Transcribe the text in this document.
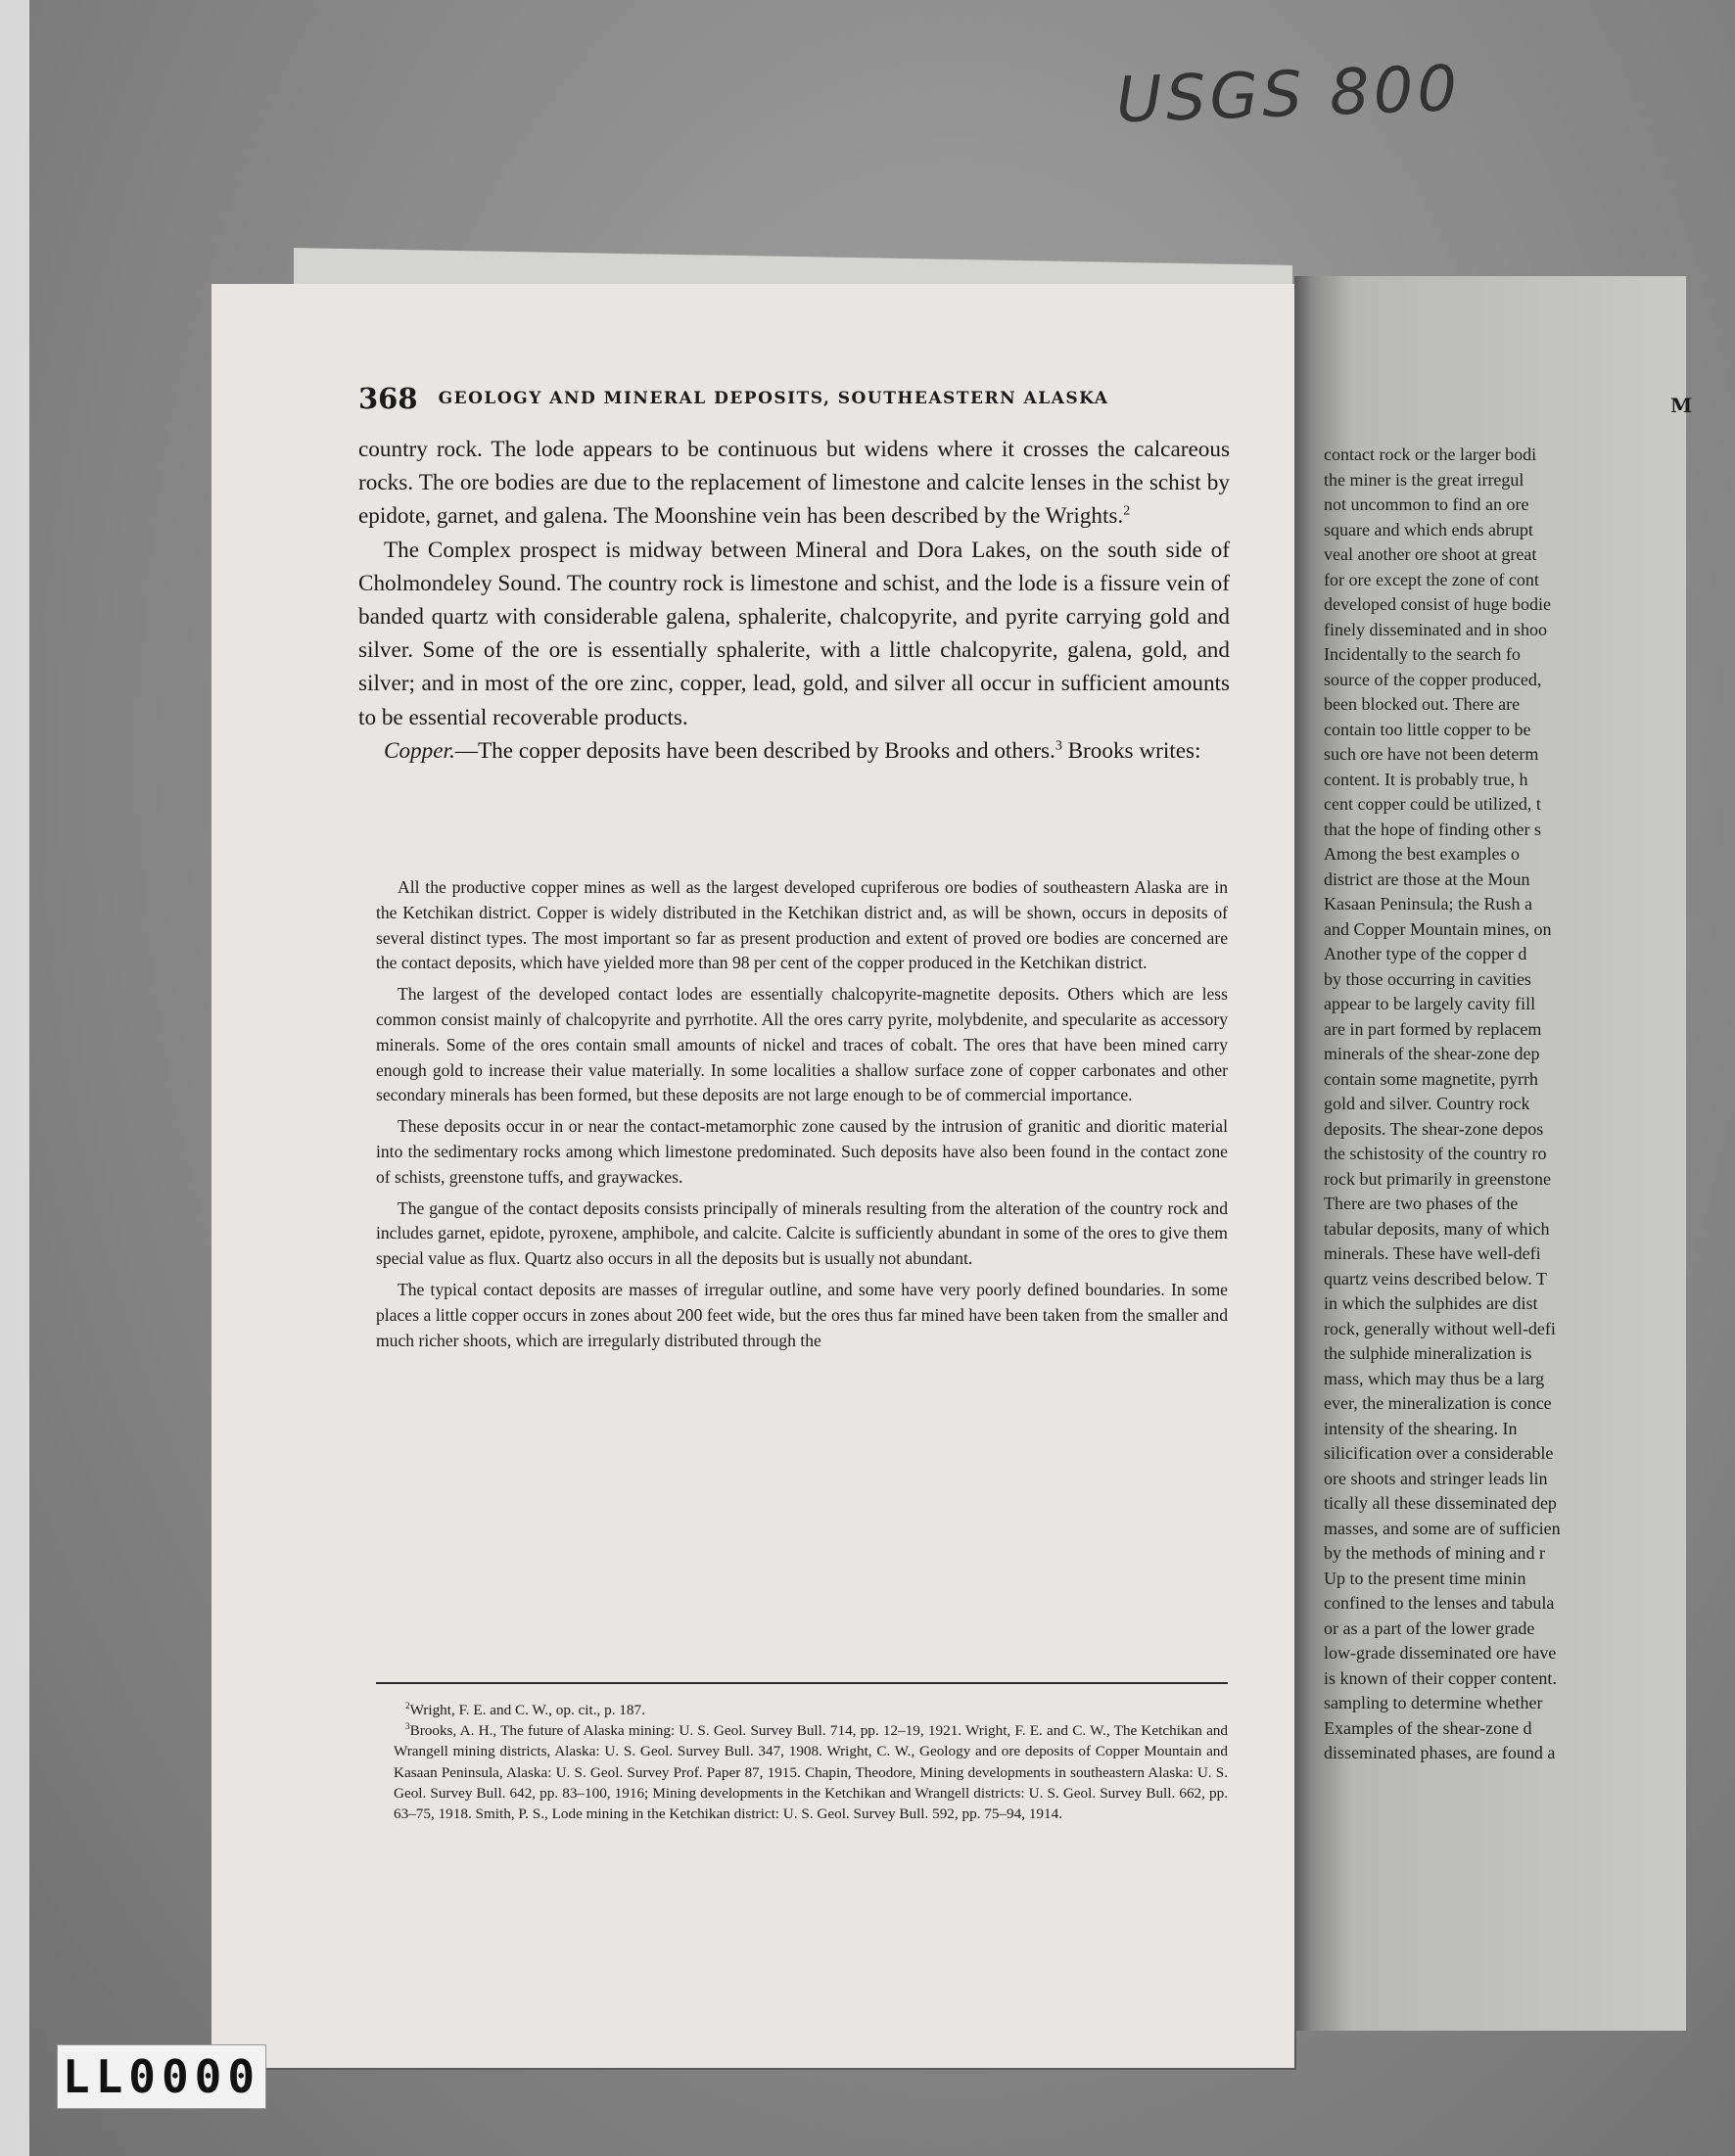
USGS 800
368 GEOLOGY AND MINERAL DEPOSITS, SOUTHEASTERN ALASKA

country rock. The lode appears to be continuous but widens where it crosses the calcareous rocks. The ore bodies are due to the replacement of limestone and calcite lenses in the schist by epidote, garnet, and galena. The Moonshine vein has been described by the Wrights.$^2$

The Complex prospect is midway between Mineral and Dora Lakes, on the south side of Cholmondeley Sound. The country rock is limestone and schist, and the lode is a fissure vein of banded quartz with considerable galena, sphalerite, chalcopyrite, and pyrite carrying gold and silver. Some of the ore is essentially sphalerite, with a little chalcopyrite, galena, gold, and silver; and in most of the ore zinc, copper, lead, gold, and silver all occur in sufficient amounts to be essential recoverable products.

Copper.—The copper deposits have been described by Brooks and others.$^3$ Brooks writes:

All the productive copper mines as well as the largest developed cupriferous ore bodies of southeastern Alaska are in the Ketchikan district. Copper is widely distributed in the Ketchikan district and, as will be shown, occurs in deposits of several distinct types. The most important so far as present production and extent of proved ore bodies are concerned are the contact deposits, which have yielded more than 98 per cent of the copper produced in the Ketchikan district.

The largest of the developed contact lodes are essentially chalcopyrite-magnetite deposits. Others which are less common consist mainly of chalcopyrite and pyrrhotite. All the ores carry pyrite, molybdenite, and specularite as accessory minerals. Some of the ores contain small amounts of nickel and traces of cobalt. The ores that have been mined carry enough gold to increase their value materially. In some localities a shallow surface zone of copper carbonates and other secondary minerals has been formed, but these deposits are not large enough to be of commercial importance.

These deposits occur in or near the contact-metamorphic zone caused by the intrusion of granitic and dioritic material into the sedimentary rocks among which limestone predominated. Such deposits have also been found in the contact zone of schists, greenstone tuffs, and graywackes.

The gangue of the contact deposits consists principally of minerals resulting from the alteration of the country rock and includes garnet, epidote, pyroxene, amphibole, and calcite. Calcite is sufficiently abundant in some of the ores to give them special value as flux. Quartz also occurs in all the deposits but is usually not abundant.

The typical contact deposits are masses of irregular outline, and some have very poorly defined boundaries. In some places a little copper occurs in zones about 200 feet wide, but the ores thus far mined have been taken from the smaller and much richer shoots, which are irregularly distributed through the

$^2$Wright, F. E. and C. W., op. cit., p. 187.

$^3$Brooks, A. H., The future of Alaska mining: U. S. Geol. Survey Bull. 714, pp. 12–19, 1921. Wright, F. E. and C. W., The Ketchikan and Wrangell mining districts, Alaska: U. S. Geol. Survey Bull. 347, 1908. Wright, C. W., Geology and ore deposits of Copper Mountain and Kasaan Peninsula, Alaska: U. S. Geol. Survey Prof. Paper 87, 1915. Chapin, Theodore, Mining developments in southeastern Alaska: U. S. Geol. Survey Bull. 642, pp. 83–100, 1916; Mining developments in the Ketchikan and Wrangell districts: U. S. Geol. Survey Bull. 662, pp. 63–75, 1918. Smith, P. S., Lode mining in the Ketchikan district: U. S. Geol. Survey Bull. 592, pp. 75–94, 1914.

M
contact rock or the larger bodi
the miner is the great irregul
not uncommon to find an ore
square and which ends abrupt
veal another ore shoot at great
for ore except the zone of cont
developed consist of huge bodie
finely disseminated and in shoo
Incidentally to the search fo
source of the copper produced,
been blocked out. There are
contain too little copper to be
such ore have not been determ
content. It is probably true, h
cent copper could be utilized, t
that the hope of finding other s
Among the best examples o
district are those at the Moun
Kasaan Peninsula; the Rush a
and Copper Mountain mines, on
Another type of the copper d
by those occurring in cavities
appear to be largely cavity fill
are in part formed by replacem
minerals of the shear-zone dep
contain some magnetite, pyrrh
gold and silver. Country rock
deposits. The shear-zone depos
the schistosity of the country ro
rock but primarily in greenstone
There are two phases of the
tabular deposits, many of which
minerals. These have well-defi
quartz veins described below. T
in which the sulphides are dist
rock, generally without well-defi
the sulphide mineralization is
mass, which may thus be a larg
ever, the mineralization is conce
intensity of the shearing. In
silicification over a considerable
ore shoots and stringer leads lin
tically all these disseminated dep
masses, and some are of sufficien
by the methods of mining and r
Up to the present time minin
confined to the lenses and tabula
or as a part of the lower grade
low-grade disseminated ore have
is known of their copper content.
sampling to determine whether
Examples of the shear-zone d
disseminated phases, are found a
LL0000
